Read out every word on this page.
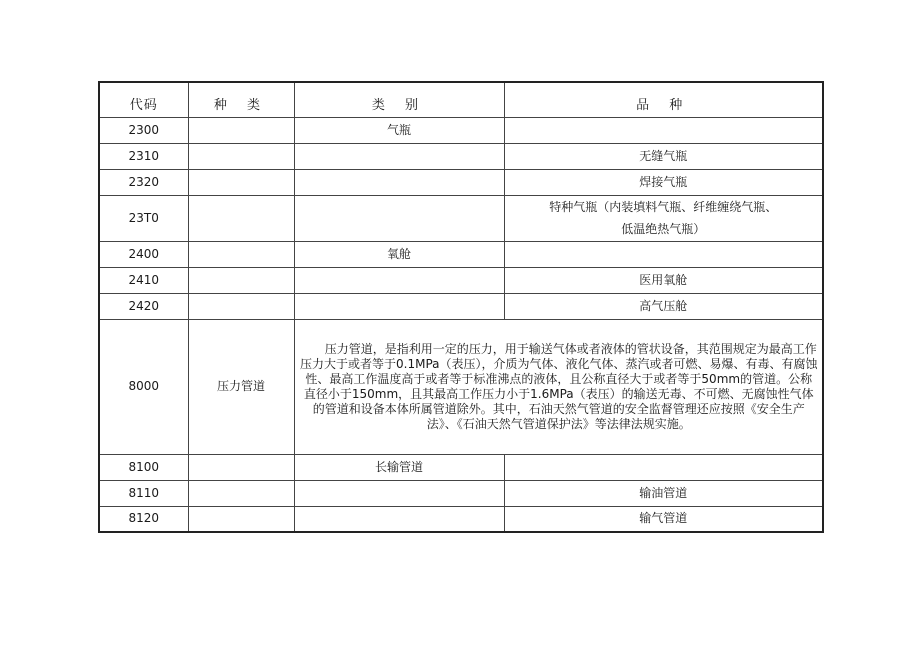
代码	种 类	类 别	品 种
2300		气瓶	
2310			无缝气瓶
2320			焊接气瓶
23T0			特种气瓶（内装填料气瓶、纤维缠绕气瓶、
低温绝热气瓶）

2400		氧舱	
2410			医用氧舱
2420			高气压舱
8000	压力管道	压力管道，是指利用一定的压力，用于输送气体或者液体的管状设备，其范围规定为最高工作压力大于或者等于0.1MPa（表压），介质为气体、液化气体、蒸汽或者可燃、易爆、有毒、有腐蚀性、最高工作温度高于或者等于标准沸点的液体，且公称直径大于或者等于50mm的管道。公称直径小于150mm，且其最高工作压力小于1.6MPa（表压）的输送无毒、不可燃、无腐蚀性气体的管道和设备本体所属管道除外。其中，石油天然气管道的安全监督管理还应按照《安全生产法》、《石油天然气管道保护法》等法律法规实施。	
8100		长输管道	
8110			输油管道
8120			输气管道
